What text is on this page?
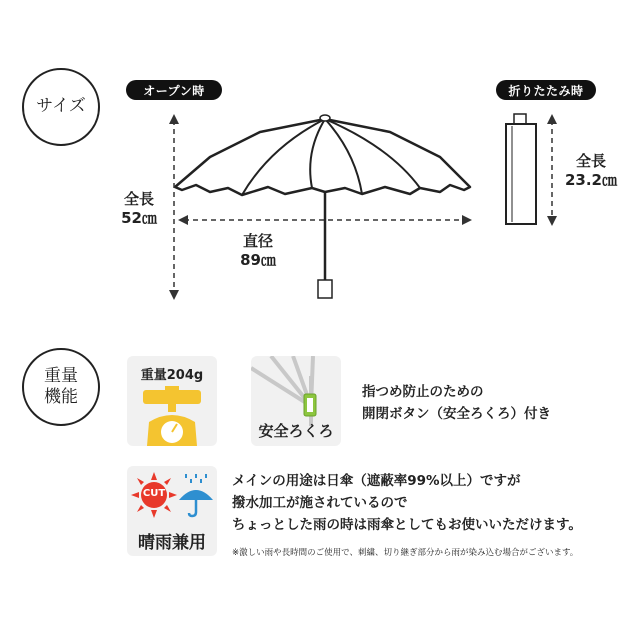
サイズ
オープン時	折りたたみ時
全長
52㎝
直径
89㎝
全長
23.2㎝
重量
機能
重量204g
安全ろくろ
指つめ防止のための
開閉ボタン（安全ろくろ）付き
CUT
晴雨兼用
メインの用途は日傘（遮蔽率99%以上）ですが
撥水加工が施されているので
ちょっとした雨の時は雨傘としてもお使いいただけます。
※激しい雨や長時間のご使用で、刺繍、切り継ぎ部分から雨が染み込む場合がございます。
